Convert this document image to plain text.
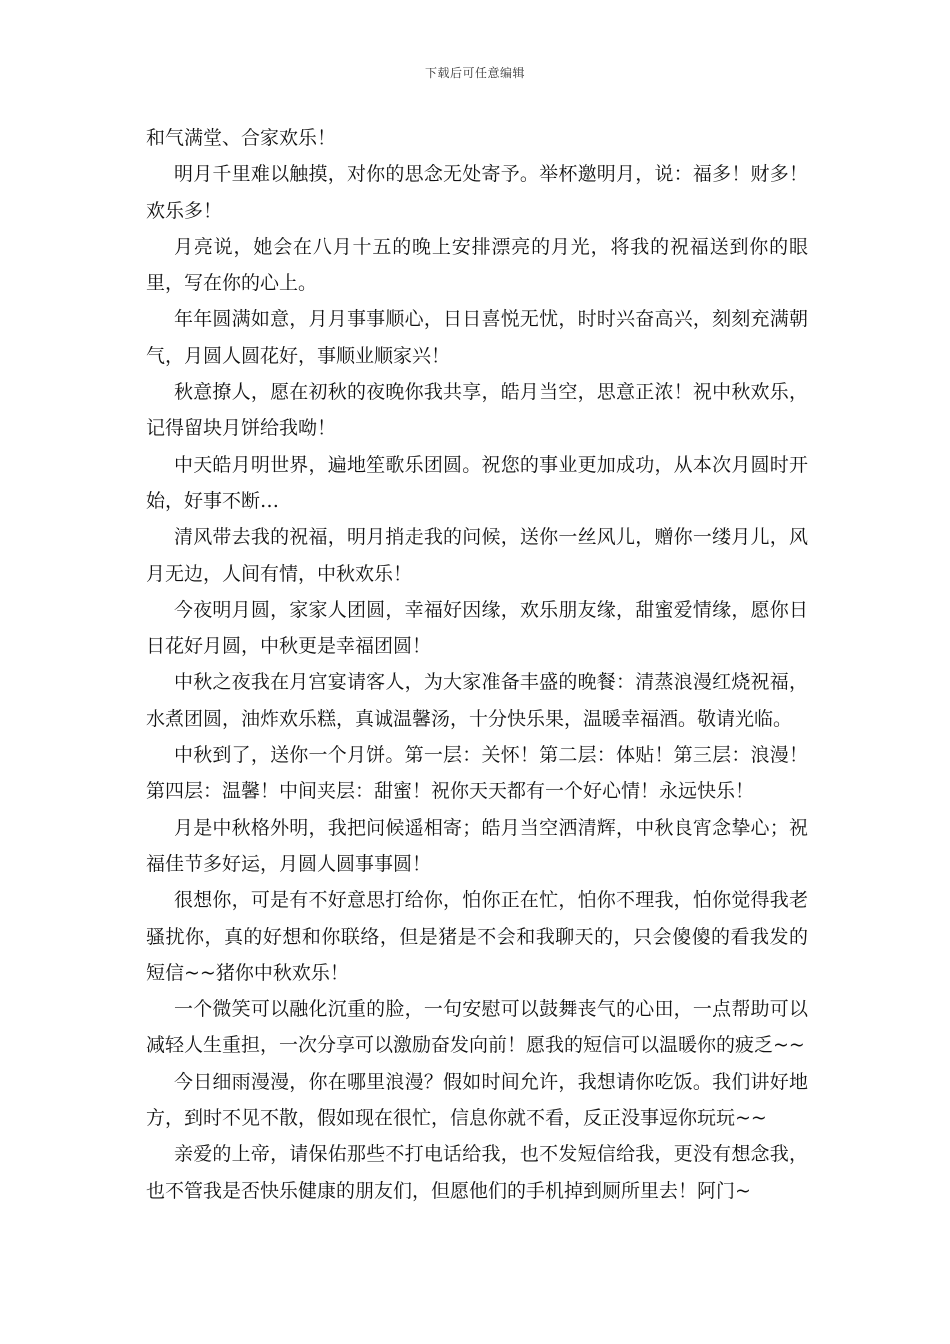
下载后可任意编辑

和气满堂、合家欢乐！

明月千里难以触摸，对你的思念无处寄予。举杯邀明月，说：福多！财多！欢乐多！

月亮说，她会在八月十五的晚上安排漂亮的月光，将我的祝福送到你的眼里，写在你的心上。

年年圆满如意，月月事事顺心，日日喜悦无忧，时时兴奋高兴，刻刻充满朝气，月圆人圆花好，事顺业顺家兴！

秋意撩人，愿在初秋的夜晚你我共享，皓月当空，思意正浓！祝中秋欢乐，记得留块月饼给我呦！

中天皓月明世界，遍地笙歌乐团圆。祝您的事业更加成功，从本次月圆时开始，好事不断…

清风带去我的祝福，明月捎走我的问候，送你一丝风儿，赠你一缕月儿，风月无边，人间有情，中秋欢乐！

今夜明月圆，家家人团圆，幸福好因缘，欢乐朋友缘，甜蜜爱情缘，愿你日日花好月圆，中秋更是幸福团圆！

中秋之夜我在月宫宴请客人，为大家准备丰盛的晚餐：清蒸浪漫红烧祝福，水煮团圆，油炸欢乐糕，真诚温馨汤，十分快乐果，温暖幸福酒。敬请光临。

中秋到了，送你一个月饼。第一层：关怀！第二层：体贴！第三层：浪漫！第四层：温馨！中间夹层：甜蜜！祝你天天都有一个好心情！永远快乐！

月是中秋格外明，我把问候遥相寄；皓月当空洒清辉，中秋良宵念挚心；祝福佳节多好运，月圆人圆事事圆！

很想你，可是有不好意思打给你，怕你正在忙，怕你不理我，怕你觉得我老骚扰你，真的好想和你联络，但是猪是不会和我聊天的，只会傻傻的看我发的短信~~猪你中秋欢乐！

一个微笑可以融化沉重的脸，一句安慰可以鼓舞丧气的心田，一点帮助可以减轻人生重担，一次分享可以激励奋发向前！愿我的短信可以温暖你的疲乏~~

今日细雨漫漫，你在哪里浪漫？假如时间允许，我想请你吃饭。我们讲好地方，到时不见不散，假如现在很忙，信息你就不看，反正没事逗你玩玩~~

亲爱的上帝，请保佑那些不打电话给我，也不发短信给我，更没有想念我，也不管我是否快乐健康的朋友们，但愿他们的手机掉到厕所里去！阿门~
